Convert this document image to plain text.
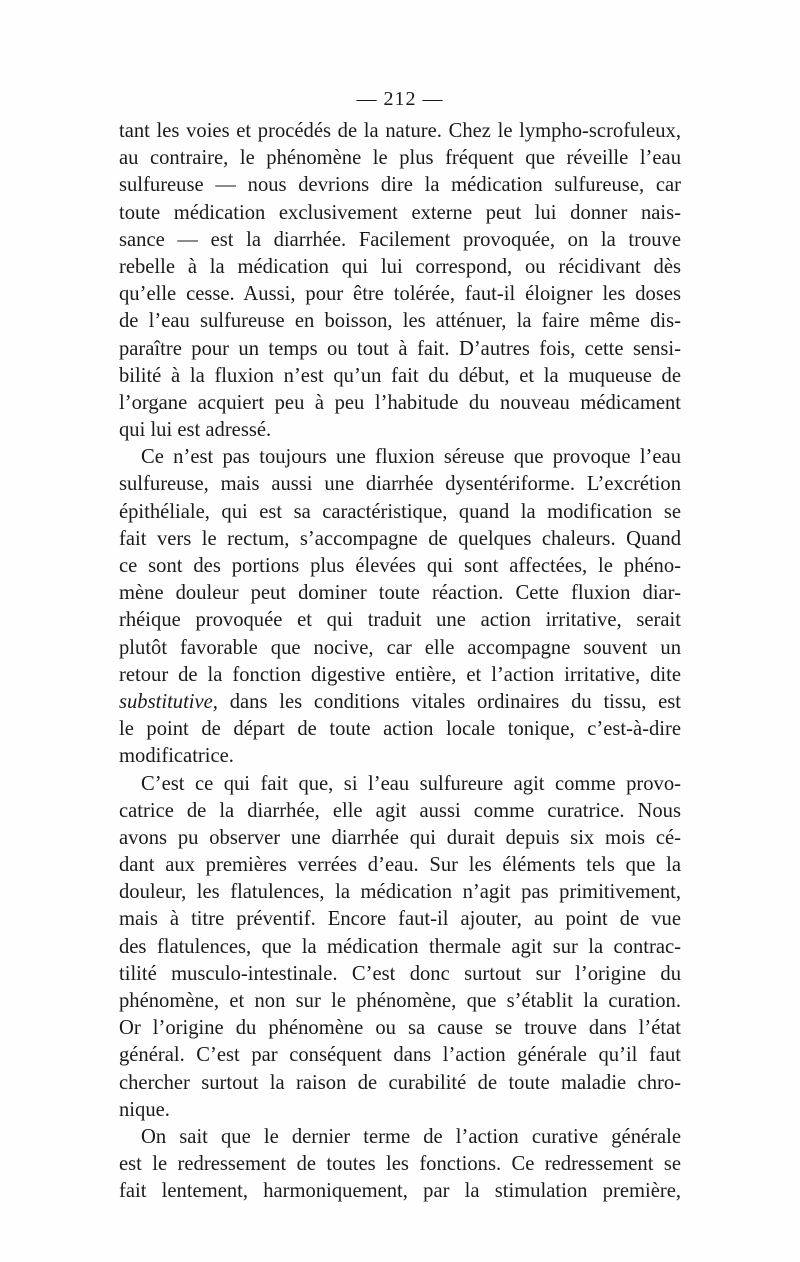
— 212 —
tant les voies et procédés de la nature. Chez le lympho-scrofuleux,
au contraire, le phénomène le plus fréquent que réveille l’eau
sulfureuse — nous devrions dire la médication sulfureuse, car
toute médication exclusivement externe peut lui donner nais-
sance — est la diarrhée. Facilement provoquée, on la trouve
rebelle à la médication qui lui correspond, ou récidivant dès
qu’elle cesse. Aussi, pour être tolérée, faut-il éloigner les doses
de l’eau sulfureuse en boisson, les atténuer, la faire même dis-
paraître pour un temps ou tout à fait. D’autres fois, cette sensi-
bilité à la fluxion n’est qu’un fait du début, et la muqueuse de
l’organe acquiert peu à peu l’habitude du nouveau médicament
qui lui est adressé.
Ce n’est pas toujours une fluxion séreuse que provoque l’eau
sulfureuse, mais aussi une diarrhée dysentériforme. L’excrétion
épithéliale, qui est sa caractéristique, quand la modification se
fait vers le rectum, s’accompagne de quelques chaleurs. Quand
ce sont des portions plus élevées qui sont affectées, le phéno-
mène douleur peut dominer toute réaction. Cette fluxion diar-
rhéique provoquée et qui traduit une action irritative, serait
plutôt favorable que nocive, car elle accompagne souvent un
retour de la fonction digestive entière, et l’action irritative, dite
substitutive, dans les conditions vitales ordinaires du tissu, est
le point de départ de toute action locale tonique, c’est-à-dire
modificatrice.
C’est ce qui fait que, si l’eau sulfureure agit comme provo-
catrice de la diarrhée, elle agit aussi comme curatrice. Nous
avons pu observer une diarrhée qui durait depuis six mois cé-
dant aux premières verrées d’eau. Sur les éléments tels que la
douleur, les flatulences, la médication n’agit pas primitivement,
mais à titre préventif. Encore faut-il ajouter, au point de vue
des flatulences, que la médication thermale agit sur la contrac-
tilité musculo-intestinale. C’est donc surtout sur l’origine du
phénomène, et non sur le phénomène, que s’établit la curation.
Or l’origine du phénomène ou sa cause se trouve dans l’état
général. C’est par conséquent dans l’action générale qu’il faut
chercher surtout la raison de curabilité de toute maladie chro-
nique.
On sait que le dernier terme de l’action curative générale
est le redressement de toutes les fonctions. Ce redressement se
fait lentement, harmoniquement, par la stimulation première,
